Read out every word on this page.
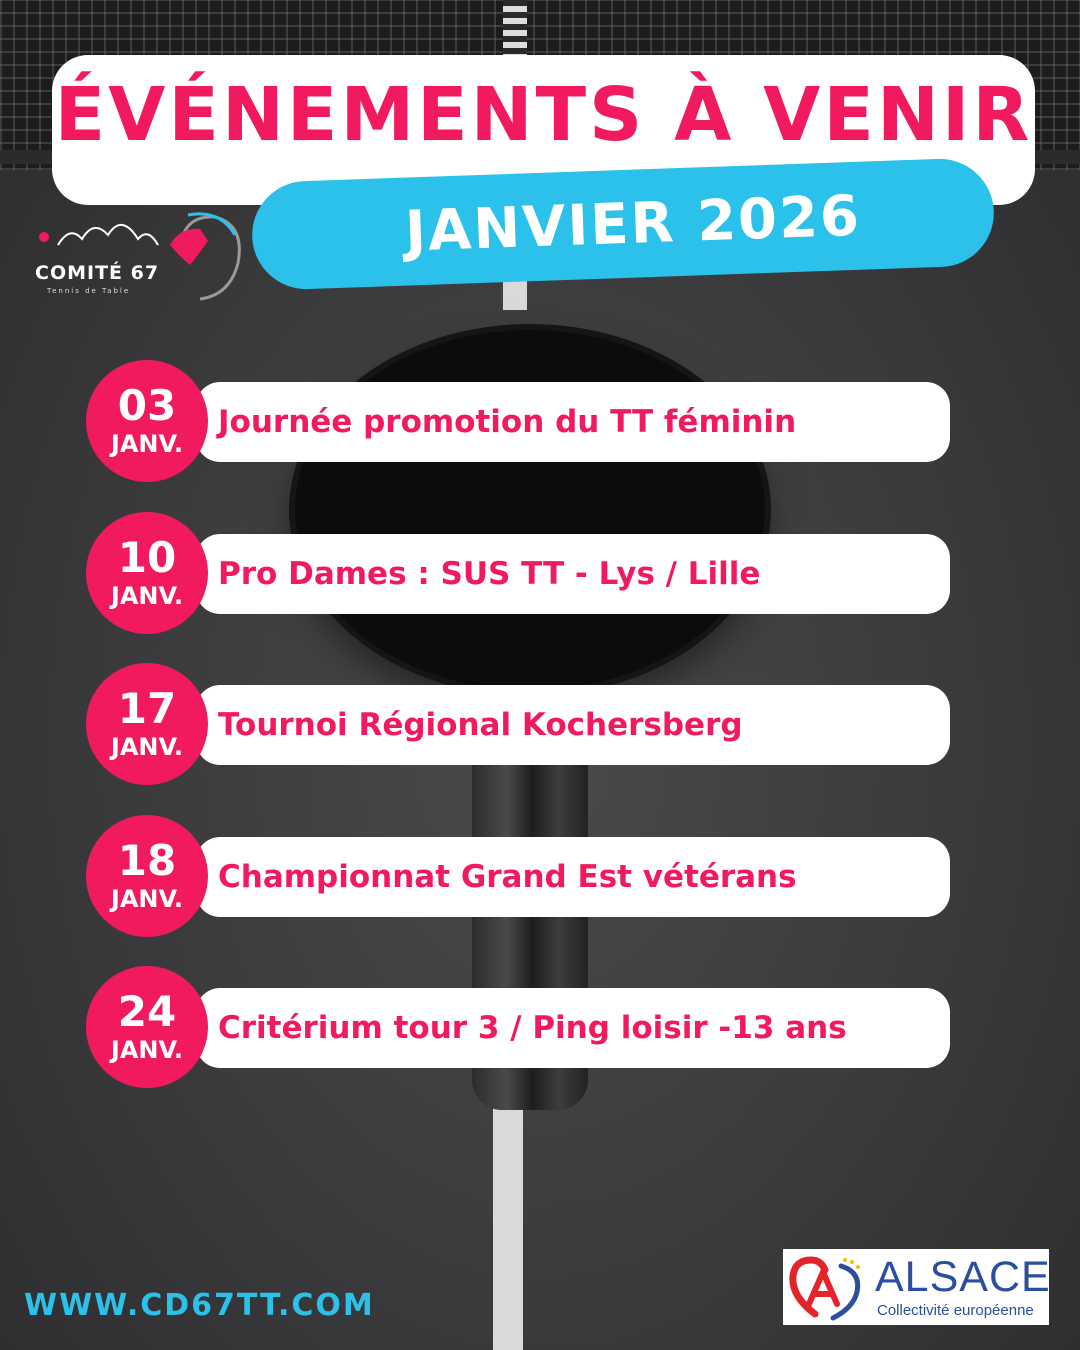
ÉVÉNEMENTS À VENIR
JANVIER 2026
COMITÉ 67
Tennis de Table
Journée promotion du TT féminin
03
JANV.
Pro Dames : SUS TT - Lys / Lille
10
JANV.
Tournoi Régional Kochersberg
17
JANV.
Championnat Grand Est vétérans
18
JANV.
Critérium tour 3 / Ping loisir -13 ans
24
JANV.
WWW.CD67TT.COM
ALSACE
Collectivité européenne
